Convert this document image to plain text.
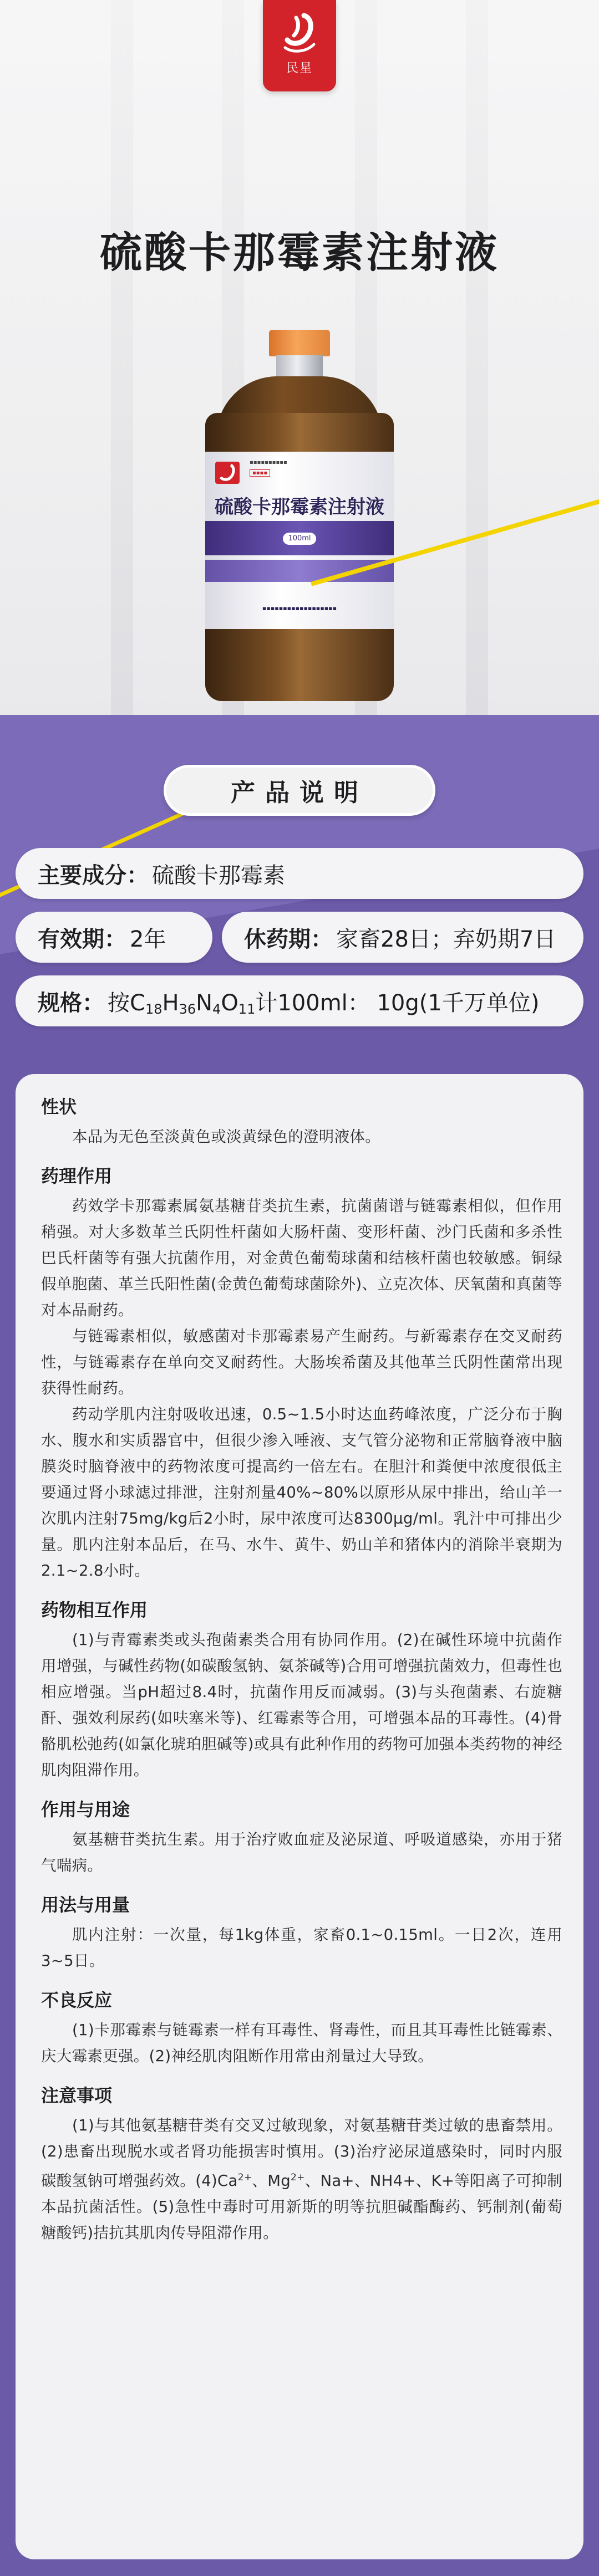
民星
硫酸卡那霉素注射液
▪▪▪▪▪▪▪▪▪▪
▪▪▪▪
硫酸卡那霉素注射液
100ml
▪▪▪▪▪▪▪▪▪▪▪▪▪▪▪▪▪▪
产品说明
主要成分： 硫酸卡那霉素
有效期： 2年	休药期： 家畜28日；弃奶期7日
规格： 按$C_{18}H_{36}N_4O_{11}$计100ml： 10g(1千万单位)
性状

本品为无色至淡黄色或淡黄绿色的澄明液体。

药理作用

药效学卡那霉素属氨基糖苷类抗生素，抗菌菌谱与链霉素相似，但作用稍强。对大多数革兰氏阴性杆菌如大肠杆菌、变形杆菌、沙门氏菌和多杀性巴氏杆菌等有强大抗菌作用，对金黄色葡萄球菌和结核杆菌也较敏感。铜绿假单胞菌、革兰氏阳性菌(金黄色葡萄球菌除外)、立克次体、厌氧菌和真菌等对本品耐药。

与链霉素相似，敏感菌对卡那霉素易产生耐药。与新霉素存在交叉耐药性，与链霉素存在单向交叉耐药性。大肠埃希菌及其他革兰氏阴性菌常出现获得性耐药。

药动学肌内注射吸收迅速，0.5~1.5小时达血药峰浓度，广泛分布于胸水、腹水和实质器官中，但很少渗入唾液、支气管分泌物和正常脑脊液中脑膜炎时脑脊液中的药物浓度可提高约一倍左右。在胆汁和粪便中浓度很低主要通过肾小球滤过排泄，注射剂量40%~80%以原形从尿中排出，给山羊一次肌内注射75mg/kg后2小时，尿中浓度可达8300μg/ml。乳汁中可排出少量。肌内注射本品后，在马、水牛、黄牛、奶山羊和猪体内的消除半衰期为2.1~2.8小时。

药物相互作用

(1)与青霉素类或头孢菌素类合用有协同作用。(2)在碱性环境中抗菌作用增强，与碱性药物(如碳酸氢钠、氨茶碱等)合用可增强抗菌效力，但毒性也相应增强。当pH超过8.4时，抗菌作用反而减弱。(3)与头孢菌素、右旋糖酐、强效利尿药(如呋塞米等)、红霉素等合用，可增强本品的耳毒性。(4)骨骼肌松弛药(如氯化琥珀胆碱等)或具有此种作用的药物可加强本类药物的神经肌肉阻滞作用。

作用与用途

氨基糖苷类抗生素。用于治疗败血症及泌尿道、呼吸道感染，亦用于猪气喘病。

用法与用量

肌内注射：一次量，每1kg体重，家畜0.1~0.15ml。一日2次，连用3~5日。

不良反应

(1)卡那霉素与链霉素一样有耳毒性、肾毒性，而且其耳毒性比链霉素、庆大霉素更强。(2)神经肌肉阻断作用常由剂量过大导致。

注意事项

(1)与其他氨基糖苷类有交叉过敏现象，对氨基糖苷类过敏的患畜禁用。(2)患畜出现脱水或者肾功能损害时慎用。(3)治疗泌尿道感染时，同时内服碳酸氢钠可增强药效。$(4)Ca^{2+}$、$Mg^{2+}$、Na+、NH4+、K+等阳离子可抑制本品抗菌活性。(5)急性中毒时可用新斯的明等抗胆碱酯酶药、钙制剂(葡萄糖酸钙)拮抗其肌肉传导阻滞作用。
